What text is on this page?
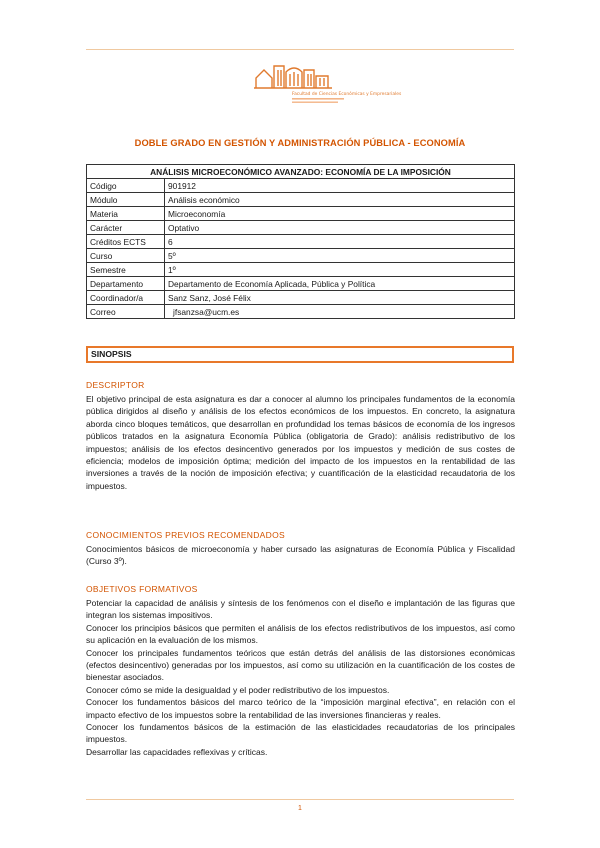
Facultad de Ciencias Económicas y Empresariales
DOBLE GRADO EN GESTIÓN Y ADMINISTRACIÓN PÚBLICA - ECONOMÍA
ANÁLISIS MICROECONÓMICO AVANZADO: ECONOMÍA DE LA IMPOSICIÓN	
Código	901912
Módulo	Análisis económico
Materia	Microeconomía
Carácter	Optativo
Créditos ECTS	6
Curso	5º
Semestre	1º
Departamento	Departamento de Economía Aplicada, Pública y Política
Coordinador/a	Sanz Sanz, José Félix
Correo	jfsanzsa@ucm.es
SINOPSIS
DESCRIPTOR
El objetivo principal de esta asignatura es dar a conocer al alumno los principales fundamentos de la economía pública dirigidos al diseño y análisis de los efectos económicos de los impuestos. En concreto, la asignatura aborda cinco bloques temáticos, que desarrollan en profundidad los temas básicos de economía de los ingresos públicos tratados en la asignatura Economía Pública (obligatoria de Grado): análisis redistributivo de los impuestos; análisis de los efectos desincentivo generados por los impuestos y medición de sus costes de eficiencia; modelos de imposición óptima; medición del impacto de los impuestos en la rentabilidad de las inversiones a través de la noción de imposición efectiva; y cuantificación de la elasticidad recaudatoria de los impuestos.
CONOCIMIENTOS PREVIOS RECOMENDADOS
Conocimientos básicos de microeconomía y haber cursado las asignaturas de Economía Pública y Fiscalidad (Curso 3º).
OBJETIVOS FORMATIVOS

Potenciar la capacidad de análisis y síntesis de los fenómenos con el diseño e implantación de las figuras que integran los sistemas impositivos.

Conocer los principios básicos que permiten el análisis de los efectos redistributivos de los impuestos, así como su aplicación en la evaluación de los mismos.

Conocer los principales fundamentos teóricos que están detrás del análisis de las distorsiones económicas (efectos desincentivo) generadas por los impuestos, así como su utilización en la cuantificación de los costes de bienestar asociados.

Conocer cómo se mide la desigualdad y el poder redistributivo de los impuestos.

Conocer los fundamentos básicos del marco teórico de la “imposición marginal efectiva”, en relación con el impacto efectivo de los impuestos sobre la rentabilidad de las inversiones financieras y reales.

Conocer los fundamentos básicos de la estimación de las elasticidades recaudatorias de los principales impuestos.

Desarrollar las capacidades reflexivas y críticas.

1
